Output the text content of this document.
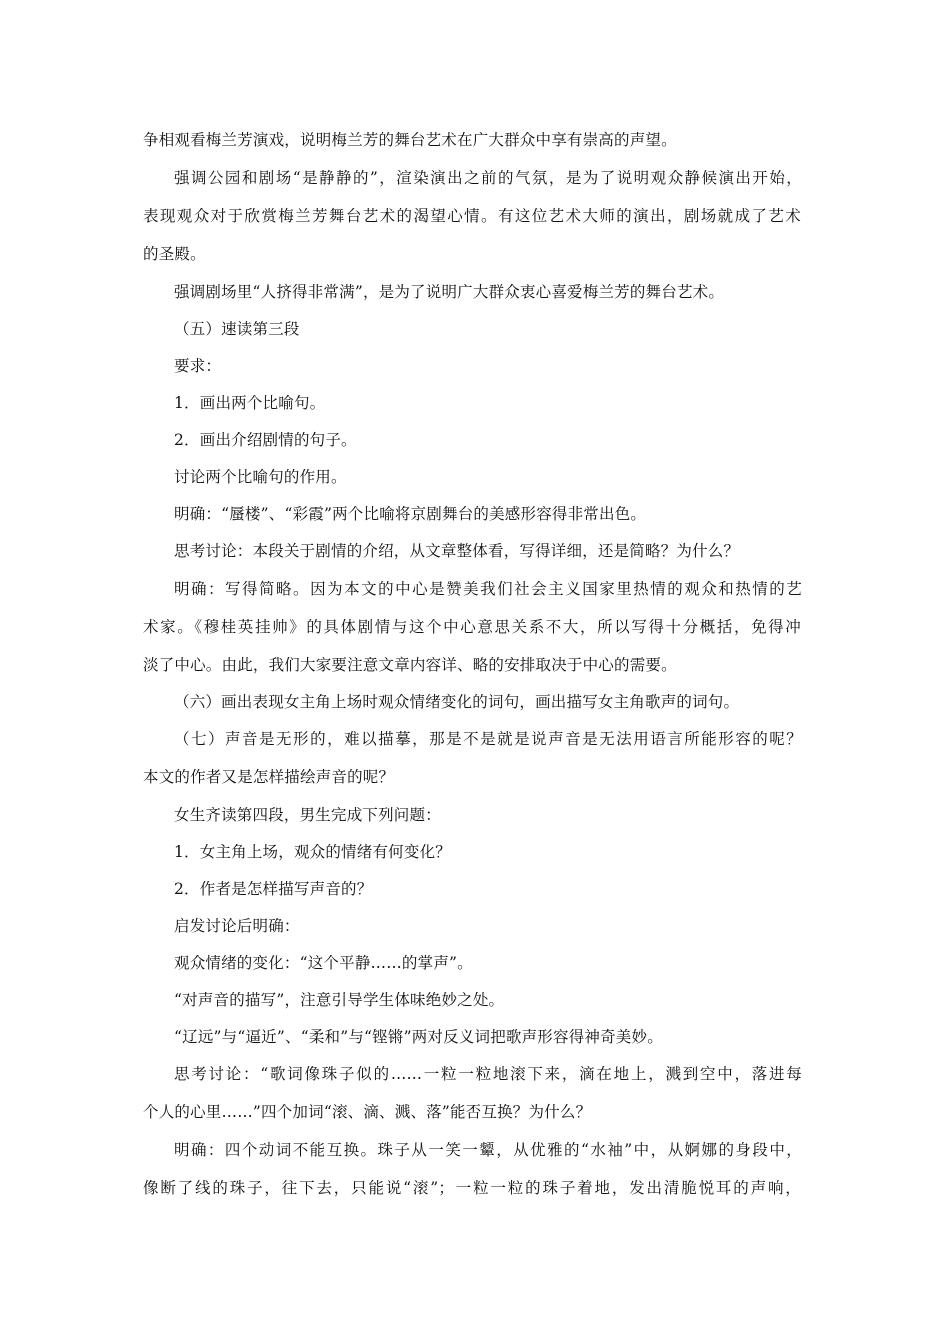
争相观看梅兰芳演戏，说明梅兰芳的舞台艺术在广大群众中享有崇高的声望。
强调公园和剧场“是静静的”，渲染演出之前的气氛，是为了说明观众静候演出开始，
表现观众对于欣赏梅兰芳舞台艺术的渴望心情。有这位艺术大师的演出，剧场就成了艺术
的圣殿。
强调剧场里“人挤得非常满”，是为了说明广大群众衷心喜爱梅兰芳的舞台艺术。
（五）速读第三段
要求：
1．画出两个比喻句。
2．画出介绍剧情的句子。
讨论两个比喻句的作用。
明确：“蜃楼”、“彩霞”两个比喻将京剧舞台的美感形容得非常出色。
思考讨论：本段关于剧情的介绍，从文章整体看，写得详细，还是简略？为什么？
明确：写得简略。因为本文的中心是赞美我们社会主义国家里热情的观众和热情的艺
术家。《穆桂英挂帅》的具体剧情与这个中心意思关系不大，所以写得十分概括，免得冲
淡了中心。由此，我们大家要注意文章内容详、略的安排取决于中心的需要。
（六）画出表现女主角上场时观众情绪变化的词句，画出描写女主角歌声的词句。
（七）声音是无形的，难以描摹，那是不是就是说声音是无法用语言所能形容的呢？
本文的作者又是怎样描绘声音的呢？
女生齐读第四段，男生完成下列问题：
1．女主角上场，观众的情绪有何变化？
2．作者是怎样描写声音的？
启发讨论后明确：
观众情绪的变化：“这个平静……的掌声”。
“对声音的描写”，注意引导学生体味绝妙之处。
“辽远”与“逼近”、“柔和”与“铿锵”两对反义词把歌声形容得神奇美妙。
思考讨论：“歌词像珠子似的……一粒一粒地滚下来，滴在地上，溅到空中，落进每
个人的心里……”四个加词“滚、滴、溅、落”能否互换？为什么？
明确：四个动词不能互换。珠子从一笑一颦，从优雅的“水袖”中，从婀娜的身段中，
像断了线的珠子，往下去，只能说“滚”；一粒一粒的珠子着地，发出清脆悦耳的声响，
